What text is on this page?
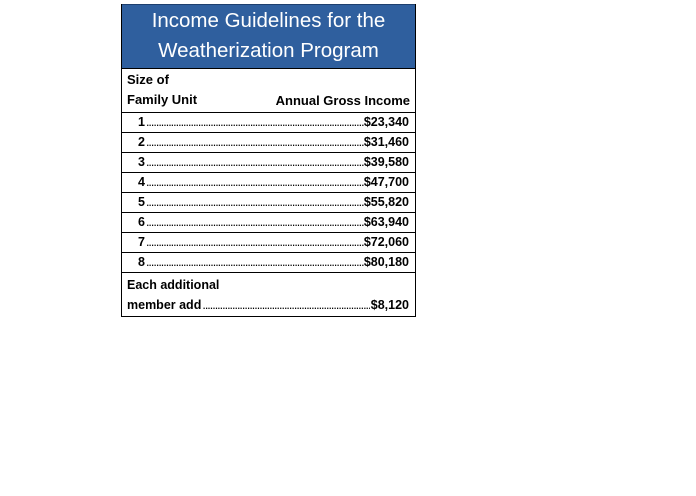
Income Guidelines for the
Weatherization Program
Size of
Family Unit	Annual Gross Income
1 .....	$23,340
2 .....	$31,460
3 .....	$39,580
4 .....	$47,700
5 .....	$55,820
6 .....	$63,940
7 .....	$72,060
8 .....	$80,180
Each additional
member add .....	$8,120
